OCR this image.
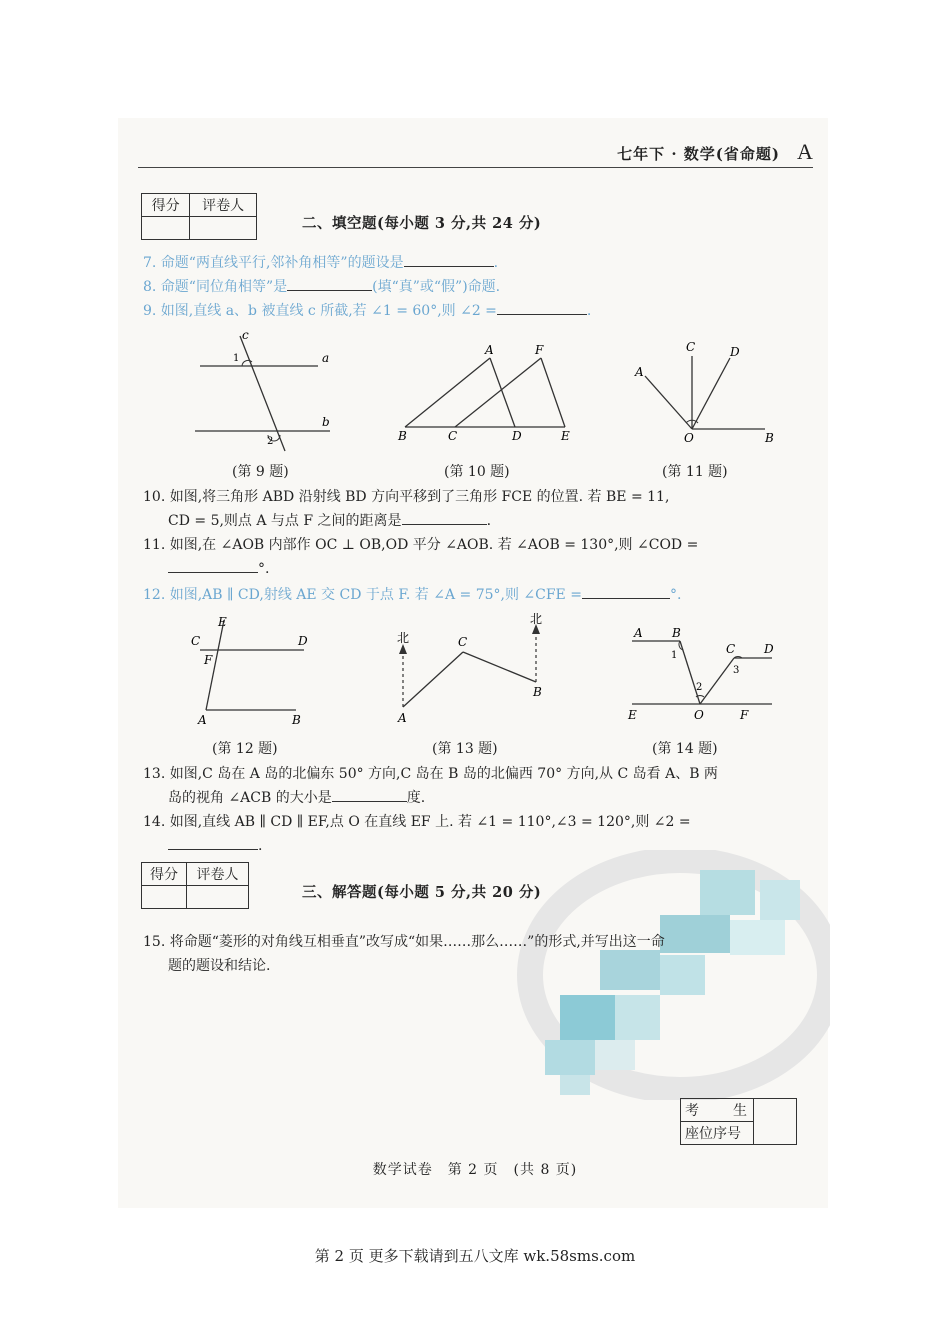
七年下 · 数学(省命题) A
得分	评卷人

二、填空题(每小题 3 分,共 24 分)
7. 命题“两直线平行,邻补角相等”的题设是	.
8. 命题“同位角相等”是	(填“真”或“假”)命题.
9. 如图,直线 a、b 被直线 c 所截,若 ∠1 = 60°,则 ∠2 =	.
c
a
b
1
2
(第 9 题)
A	F
B	C	D	E
(第 10 题)
A
C	D
O	B
(第 11 题)
10. 如图,将三角形 ABD 沿射线 BD 方向平移到了三角形 FCE 的位置. 若 BE = 11,
CD = 5,则点 A 与点 F 之间的距离是	.
11. 如图,在 ∠AOB 内部作 OC ⊥ OB,OD 平分 ∠AOB. 若 ∠AOB = 130°,则 ∠COD =
°.
12. 如图,AB ∥ CD,射线 AE 交 CD 于点 F. 若 ∠A = 75°,则 ∠CFE =	°.
E
C	D
F
A	B
(第 12 题)
北
北
A
B
C
(第 13 题)
A B
C D
E	O	F
1
2
3
(第 14 题)
13. 如图,C 岛在 A 岛的北偏东 50° 方向,C 岛在 B 岛的北偏西 70° 方向,从 C 岛看 A、B 两
岛的视角 ∠ACB 的大小是	度.
14. 如图,直线 AB ∥ CD ∥ EF,点 O 在直线 EF 上. 若 ∠1 = 110°,∠3 = 120°,则 ∠2 =
.
得分	评卷人

三、解答题(每小题 5 分,共 20 分)
15. 将命题“菱形的对角线互相垂直”改写成“如果……那么……”的形式,并写出这一命
题的题设和结论.
考　　生	
座位序号
数学试卷　第 2 页　(共 8 页)
第 2 页 更多下载请到五八文库 wk.58sms.com
